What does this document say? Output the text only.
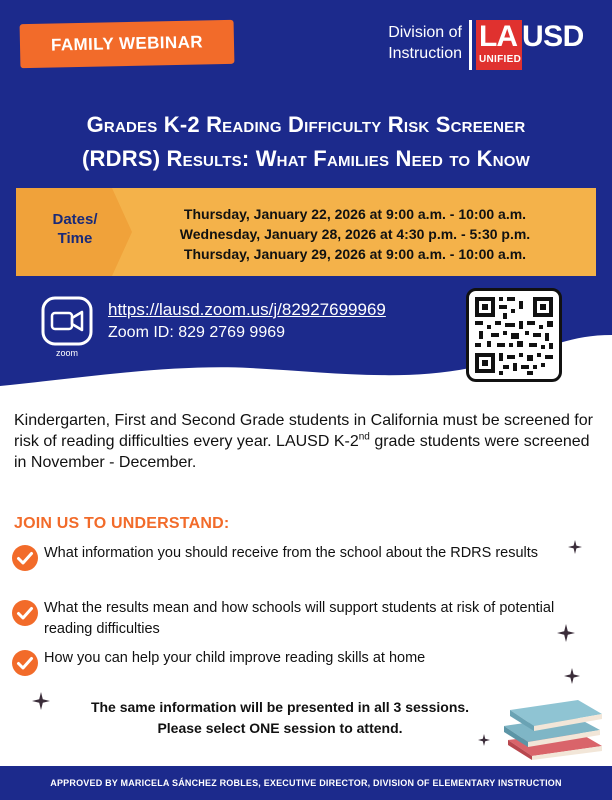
FAMILY WEBINAR	Division of
Instruction
LA
UNIFIED
USD
Grades K-2 Reading Difficulty Risk Screener
(RDRS) Results: What Families Need to Know
Dates/
Time
Thursday, January 22, 2026 at 9:00 a.m. - 10:00 a.m.
Wednesday, January 28, 2026 at 4:30 p.m. - 5:30 p.m.
Thursday, January 29, 2026 at 9:00 a.m. - 10:00 a.m.
zoom
https://lausd.zoom.us/j/82927699969
Zoom ID: 829 2769 9969
Kindergarten, First and Second Grade students in California must be screened for risk of reading difficulties every year. LAUSD K-2nd grade students were screened in November - December.
JOIN US TO UNDERSTAND:
What information you should receive from the school about the RDRS results
What the results mean and how schools will support students at risk of potential reading difficulties
How you can help your child improve reading skills at home
The same information will be presented in all 3 sessions.
Please select ONE session to attend.
APPROVED BY MARICELA SÁNCHEZ ROBLES, EXECUTIVE DIRECTOR, DIVISION OF ELEMENTARY INSTRUCTION
